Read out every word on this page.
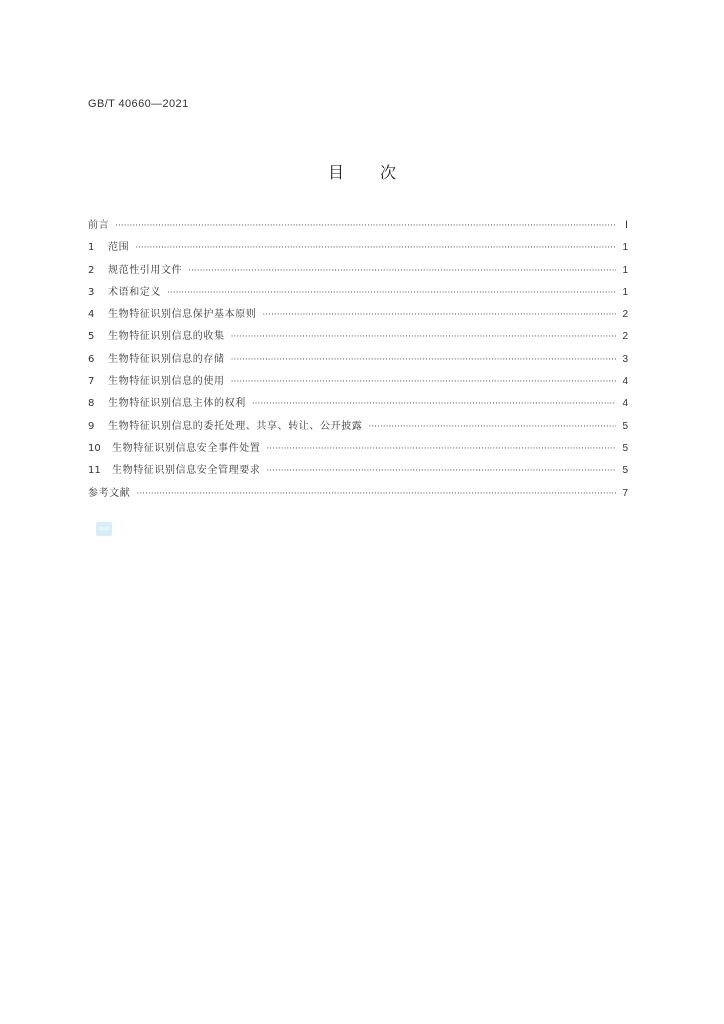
GB/T 40660—2021
目 次
前言 ·····	Ⅰ
1	范围 ·····	1
2	规范性引用文件 ·····	1
3	术语和定义 ·····	1
4	生物特征识别信息保护基本原则 ·····	2
5	生物特征识别信息的收集 ·····	2
6	生物特征识别信息的存储 ·····	3
7	生物特征识别信息的使用 ·····	4
8	生物特征识别信息主体的权利 ·····	4
9	生物特征识别信息的委托处理、共享、转让、公开披露 ·····	5
10	生物特征识别信息安全事件处置 ·····	5
11	生物特征识别信息安全管理要求 ·····	5
参考文献 ·····	7
